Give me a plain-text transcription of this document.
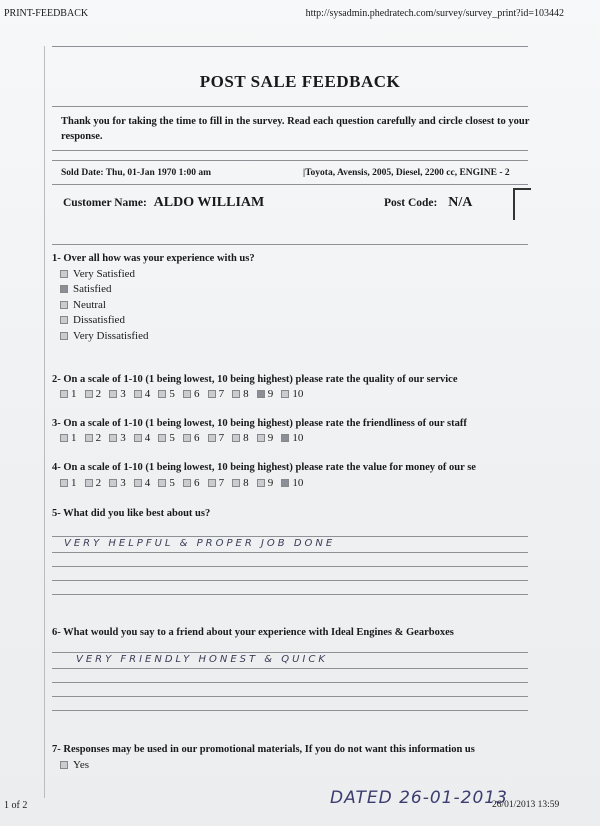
PRINT-FEEDBACK	http://sysadmin.phedratech.com/survey/survey_print?id=103442
POST SALE FEEDBACK
Thank you for taking the time to fill in the survey. Read each question carefully and circle closest to your response.
Sold Date: Thu, 01-Jan 1970 1:00 am	|Toyota, Avensis, 2005, Diesel, 2200 cc, ENGINE - 2
Customer Name: ALDO WILLIAM	Post Code: N/A
1- Over all how was your experience with us?
Very Satisfied
Satisfied
Neutral
Dissatisfied
Very Dissatisfied
2- On a scale of 1-10 (1 being lowest, 10 being highest) please rate the quality of our service
1 2 3 4 5 6 7 8 9 10
3- On a scale of 1-10 (1 being lowest, 10 being highest) please rate the friendliness of our staff
1 2 3 4 5 6 7 8 9 10
4- On a scale of 1-10 (1 being lowest, 10 being highest) please rate the value for money of our se
1 2 3 4 5 6 7 8 9 10
5- What did you like best about us?
VERY HELPFUL & PROPER JOB DONE
6- What would you say to a friend about your experience with Ideal Engines & Gearboxes
VERY FRIENDLY HONEST & QUICK
7- Responses may be used in our promotional materials, If you do not want this information us
Yes
1 of 2	DATED 26-01-2013
26/01/2013 13:59
